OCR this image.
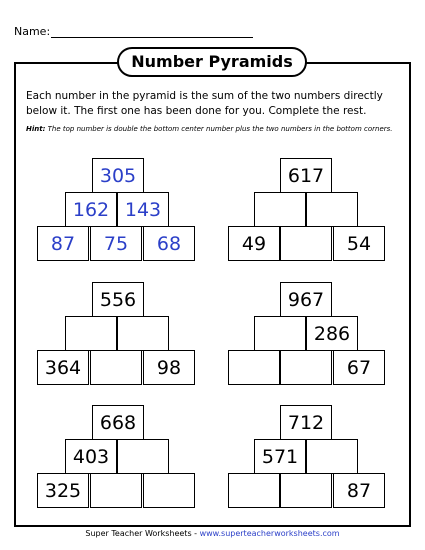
Name:
Number Pyramids
Each number in the pyramid is the sum of the two numbers directly below it. The first one has been done for you. Complete the rest.
Hint: The top number is double the bottom center number plus the two numbers in the bottom corners.
305
162 143
87	75	68
617
49	54
556
364	98
967
286
67
668
403
325
712
571
87
Super Teacher Worksheets - www.superteacherworksheets.com
